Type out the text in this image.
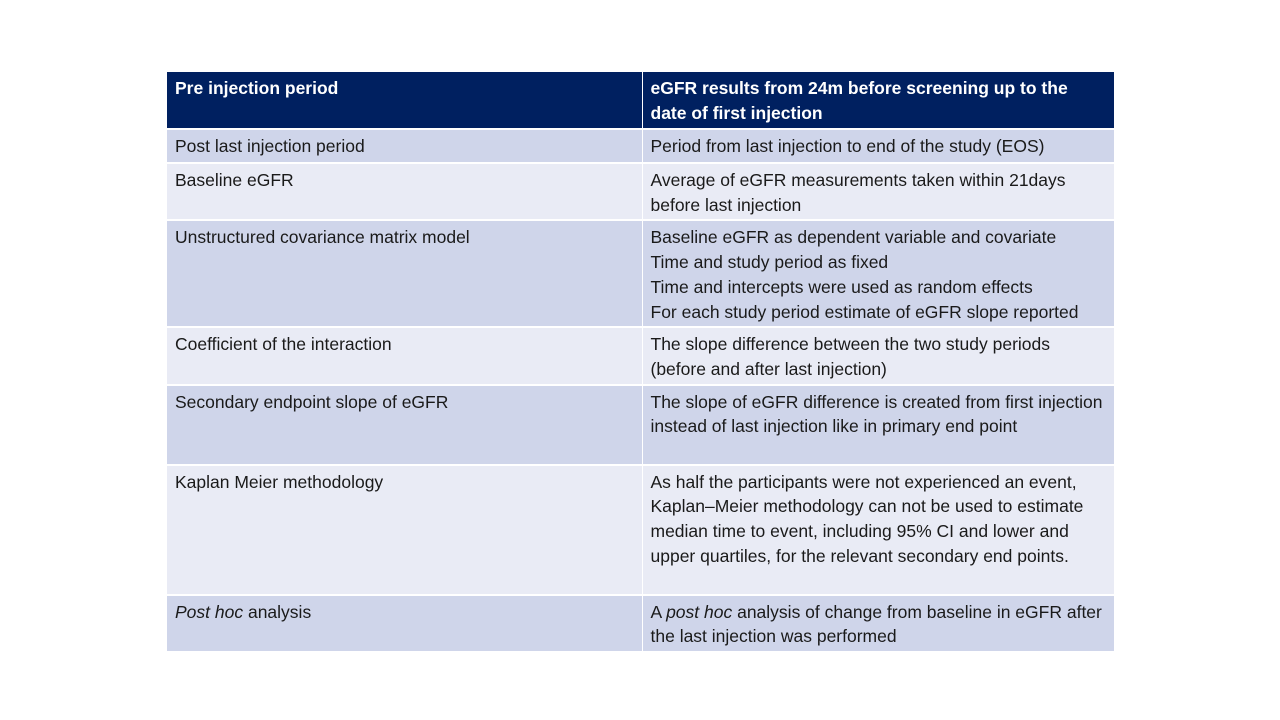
Pre injection period	eGFR results from 24m before screening up to the date of first injection
Post last injection period	Period from last injection to end of the study (EOS)

Baseline eGFR	Average of eGFR measurements taken within 21days before last injection

Unstructured covariance matrix model	Baseline eGFR as dependent variable and covariate
Time and study period as fixed
Time and intercepts were used as random effects
For each study period estimate of eGFR slope reported

Coefficient of the interaction	The slope difference between the two study periods (before and after last injection)

Secondary endpoint slope of eGFR	The slope of eGFR difference is created from first injection instead of last injection like in primary end point

Kaplan Meier methodology	As half the participants were not experienced an event, Kaplan–Meier methodology can not be used to estimate median time to event, including 95% CI and lower and upper quartiles, for the relevant secondary end points.

Post hoc analysis	A post hoc analysis of change from baseline in eGFR after the last injection was performed
